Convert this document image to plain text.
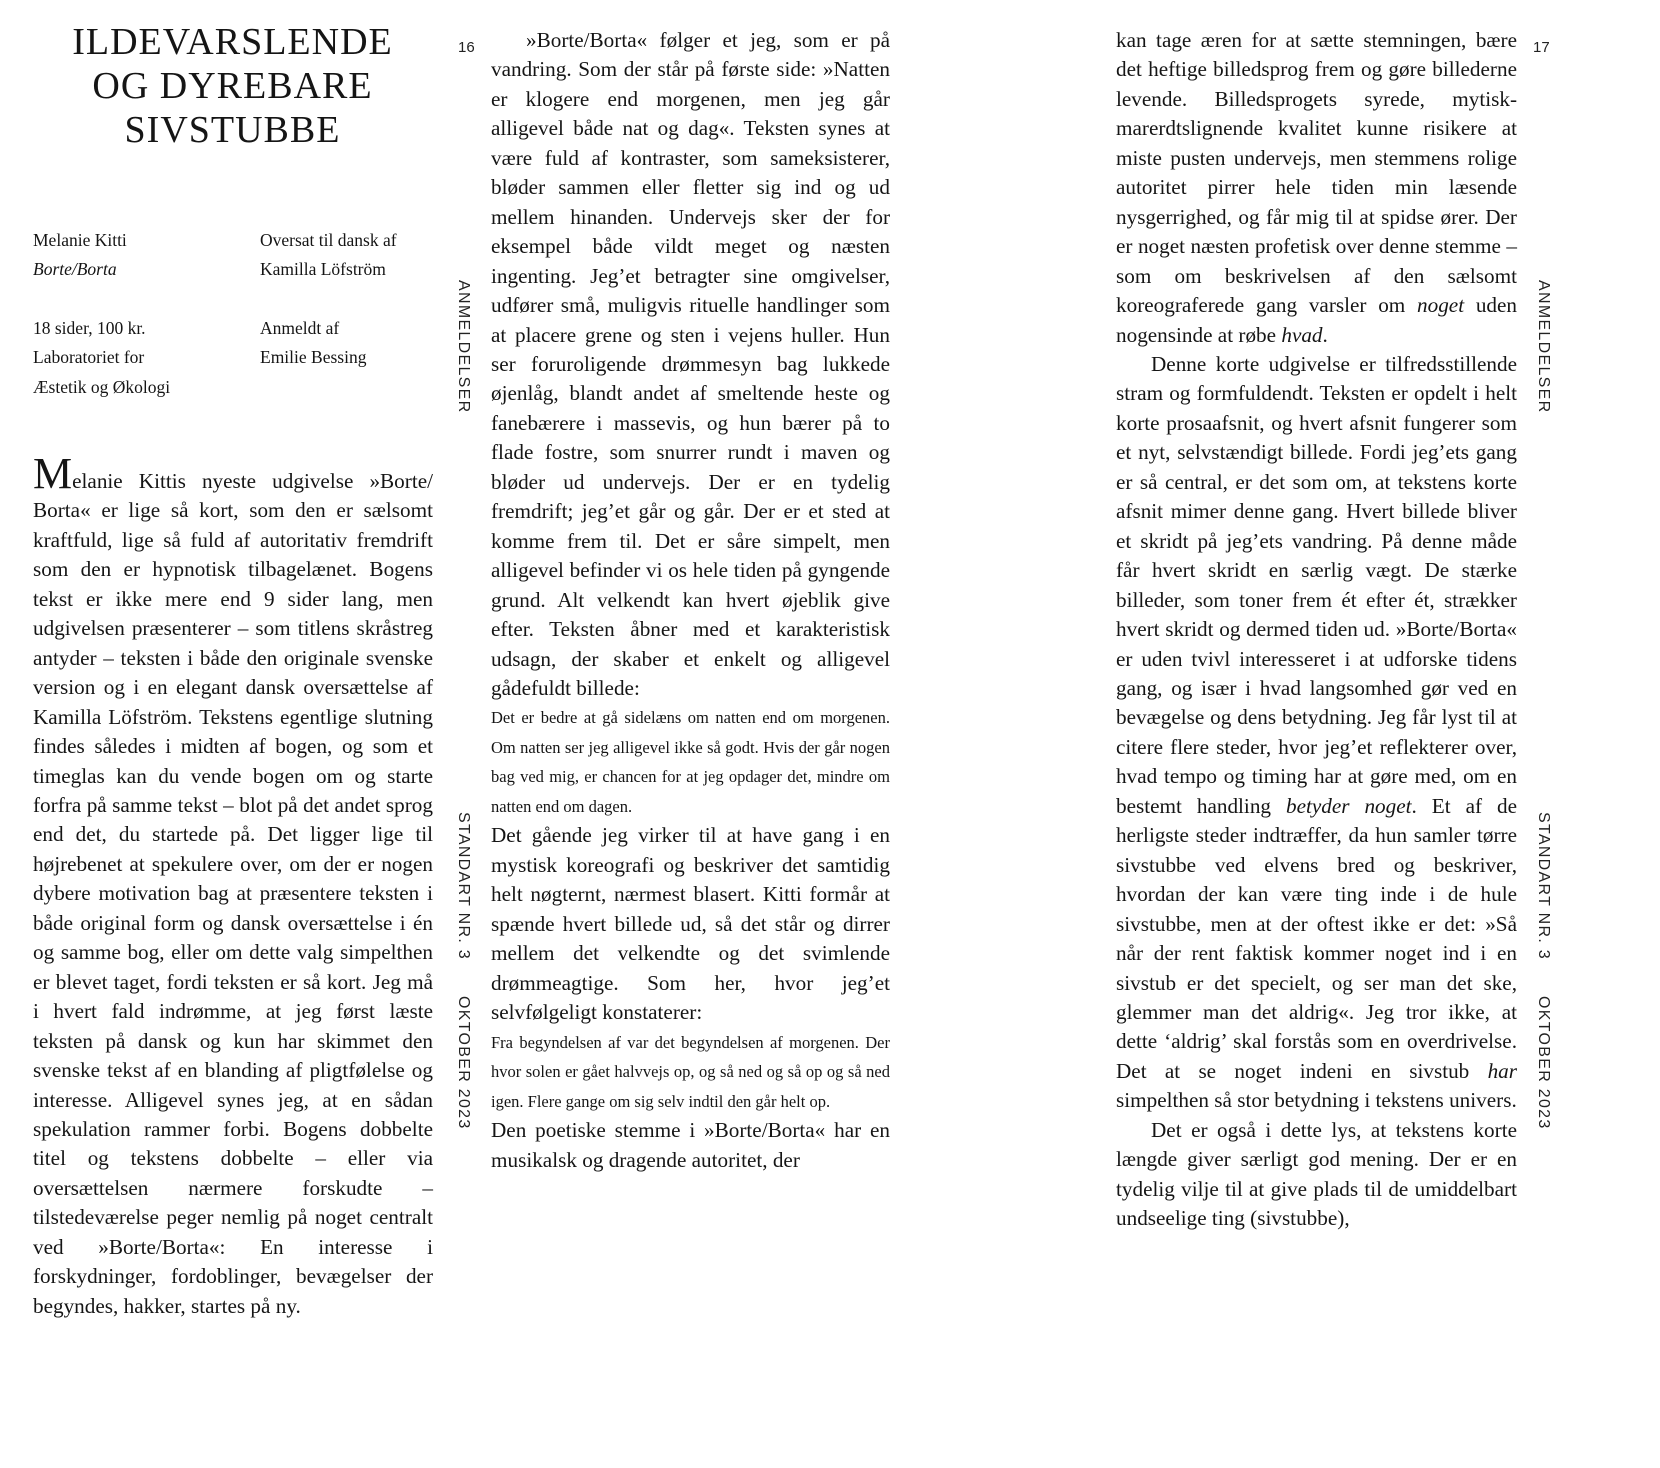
ILDEVARSLENDE
OG DYREBARE
SIVSTUBBE
Melanie Kitti
Borte/Borta
18 sider, 100 kr.
Laboratoriet for
Æstetik og Økologi
Oversat til dansk af
Kamilla Löfström
Anmeldt af
Emilie Bessing

Melanie Kittis nyeste udgivelse »Borte/ Borta« er lige så kort, som den er sælsomt kraftfuld, lige så fuld af autoritativ fremdrift som den er hypnotisk tilbagelænet. Bogens tekst er ikke mere end 9 sider lang, men udgivelsen præsenterer – som titlens skråstreg antyder – teksten i både den originale svenske version og i en elegant dansk oversættelse af Kamilla Löfström. Tekstens egentlige slutning findes således i midten af bogen, og som et timeglas kan du vende bogen om og starte forfra på samme tekst – blot på det andet sprog end det, du startede på. Det ligger lige til højrebenet at spekulere over, om der er nogen dybere motivation bag at præsentere teksten i både original form og dansk oversættelse i én og samme bog, eller om dette valg simpelthen er blevet taget, fordi teksten er så kort. Jeg må i hvert fald indrømme, at jeg først læste teksten på dansk og kun har skimmet den svenske tekst af en blanding af pligtfølelse og interesse. Alligevel synes jeg, at en sådan spekulation rammer forbi. Bogens dobbelte titel og tekstens dobbelte – eller via oversættelsen nærmere forskudte – tilstedeværelse peger nemlig på noget centralt ved »Borte/Borta«: En interesse i forskydninger, fordoblinger, bevægelser der begyndes, hakker, startes på ny.

16
ANMELDELSER
STANDART NR. 3
OKTOBER 2023

»Borte/Borta« følger et jeg, som er på vandring. Som der står på første side: »Natten er klogere end morgenen, men jeg går alligevel både nat og dag«. Teksten synes at være fuld af kontraster, som sameksisterer, bløder sammen eller fletter sig ind og ud mellem hinanden. Undervejs sker der for eksempel både vildt meget og næsten ingenting. Jeg’et betragter sine omgivelser, udfører små, muligvis rituelle handlinger som at placere grene og sten i vejens huller. Hun ser foruroligende drømmesyn bag lukkede øjenlåg, blandt andet af smeltende heste og fanebærere i massevis, og hun bærer på to flade fostre, som snurrer rundt i maven og bløder ud undervejs. Der er en tydelig fremdrift; jeg’et går og går. Der er et sted at komme frem til. Det er såre simpelt, men alligevel befinder vi os hele tiden på gyngende grund. Alt velkendt kan hvert øjeblik give efter. Teksten åbner med et karakteristisk udsagn, der skaber et enkelt og alligevel gådefuldt billede:

Det er bedre at gå sidelæns om natten end om morgenen. Om natten ser jeg alligevel ikke så godt. Hvis der går nogen bag ved mig, er chancen for at jeg opdager det, mindre om natten end om dagen.

Det gående jeg virker til at have gang i en mystisk koreografi og beskriver det samtidig helt nøgternt, nærmest blasert. Kitti formår at spænde hvert billede ud, så det står og dirrer mellem det velkendte og det svimlende drømmeagtige. Som her, hvor jeg’et selvfølgeligt konstaterer:

Fra begyndelsen af var det begyndelsen af morgenen. Der hvor solen er gået halvvejs op, og så ned og så op og så ned igen. Flere gange om sig selv indtil den går helt op.

Den poetiske stemme i »Borte/Borta« har en musikalsk og dragende autoritet, der

kan tage æren for at sætte stemningen, bære det heftige billedsprog frem og gøre billederne levende. Billedsprogets syrede, mytisk-marerdtslignende kvalitet kunne risikere at miste pusten undervejs, men stemmens rolige autoritet pirrer hele tiden min læsende nysgerrighed, og får mig til at spidse ører. Der er noget næsten profetisk over denne stemme – som om beskrivelsen af den sælsomt koreograferede gang varsler om noget uden nogensinde at røbe hvad.

Denne korte udgivelse er tilfredsstillende stram og formfuldendt. Teksten er opdelt i helt korte prosaafsnit, og hvert afsnit fungerer som et nyt, selvstændigt billede. Fordi jeg’ets gang er så central, er det som om, at tekstens korte afsnit mimer denne gang. Hvert billede bliver et skridt på jeg’ets vandring. På denne måde får hvert skridt en særlig vægt. De stærke billeder, som toner frem ét efter ét, strækker hvert skridt og dermed tiden ud. »Borte/Borta« er uden tvivl interesseret i at udforske tidens gang, og især i hvad langsomhed gør ved en bevægelse og dens betydning. Jeg får lyst til at citere flere steder, hvor jeg’et reflekterer over, hvad tempo og timing har at gøre med, om en bestemt handling betyder noget. Et af de herligste steder indtræffer, da hun samler tørre sivstubbe ved elvens bred og beskriver, hvordan der kan være ting inde i de hule sivstubbe, men at der oftest ikke er det: »Så når der rent faktisk kommer noget ind i en sivstub er det specielt, og ser man det ske, glemmer man det aldrig«. Jeg tror ikke, at dette ‘aldrig’ skal forstås som en overdrivelse. Det at se noget indeni en sivstub har simpelthen så stor betydning i tekstens univers.

Det er også i dette lys, at tekstens korte længde giver særligt god mening. Der er en tydelig vilje til at give plads til de umiddelbart undseelige ting (sivstubbe),

17
ANMELDELSER
STANDART NR. 3
OKTOBER 2023
